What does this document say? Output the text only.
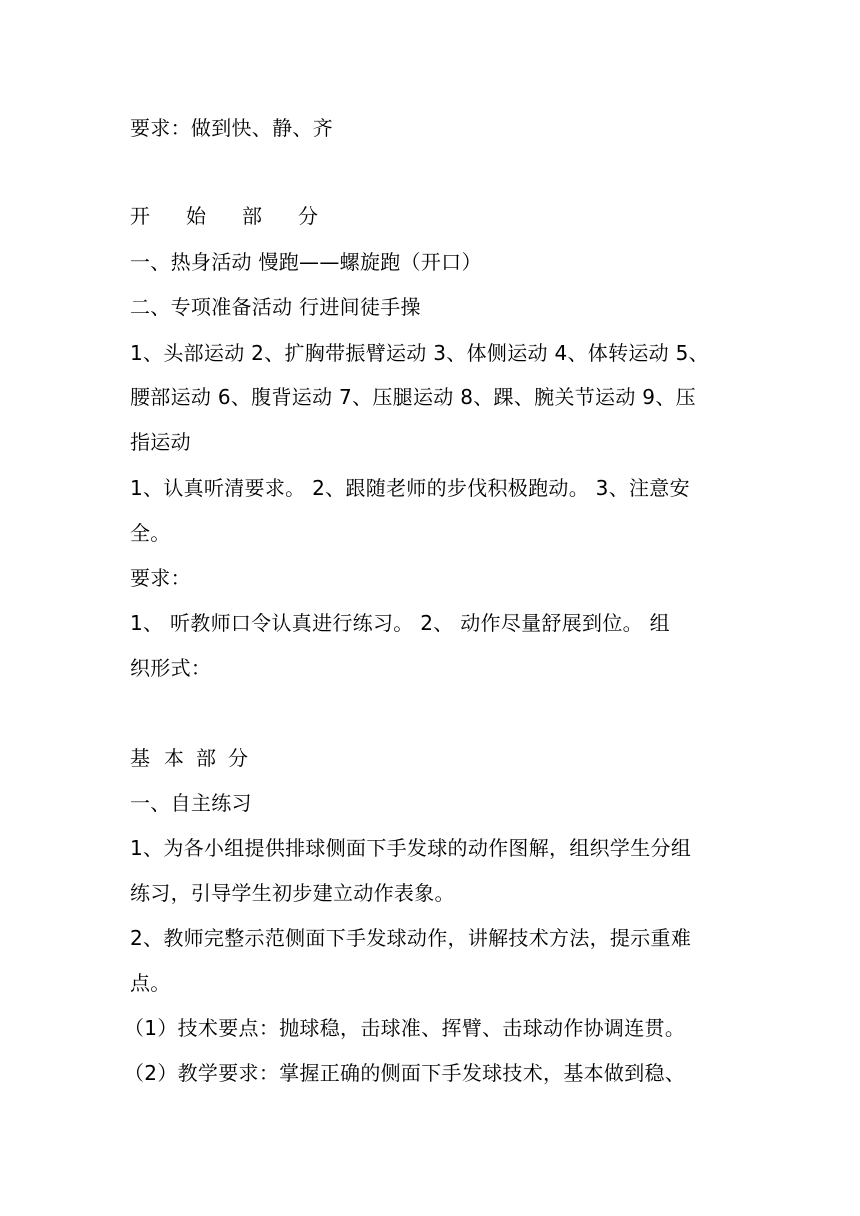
要求：做到快、静、齐
开 始 部 分
一、热身活动 慢跑——螺旋跑（开口）
二、专项准备活动 行进间徒手操
1、头部运动 2、扩胸带振臂运动 3、体侧运动 4、体转运动 5、
腰部运动 6、腹背运动 7、压腿运动 8、踝、腕关节运动 9、压
指运动
1、认真听清要求。 2、跟随老师的步伐积极跑动。 3、注意安
全。
要求：
1、 听教师口令认真进行练习。 2、 动作尽量舒展到位。 组
织形式：
基 本 部 分
一、自主练习
1、为各小组提供排球侧面下手发球的动作图解，组织学生分组
练习，引导学生初步建立动作表象。
2、教师完整示范侧面下手发球动作，讲解技术方法，提示重难
点。
（1）技术要点：抛球稳，击球准、挥臂、击球动作协调连贯。
（2）教学要求：掌握正确的侧面下手发球技术，基本做到稳、
